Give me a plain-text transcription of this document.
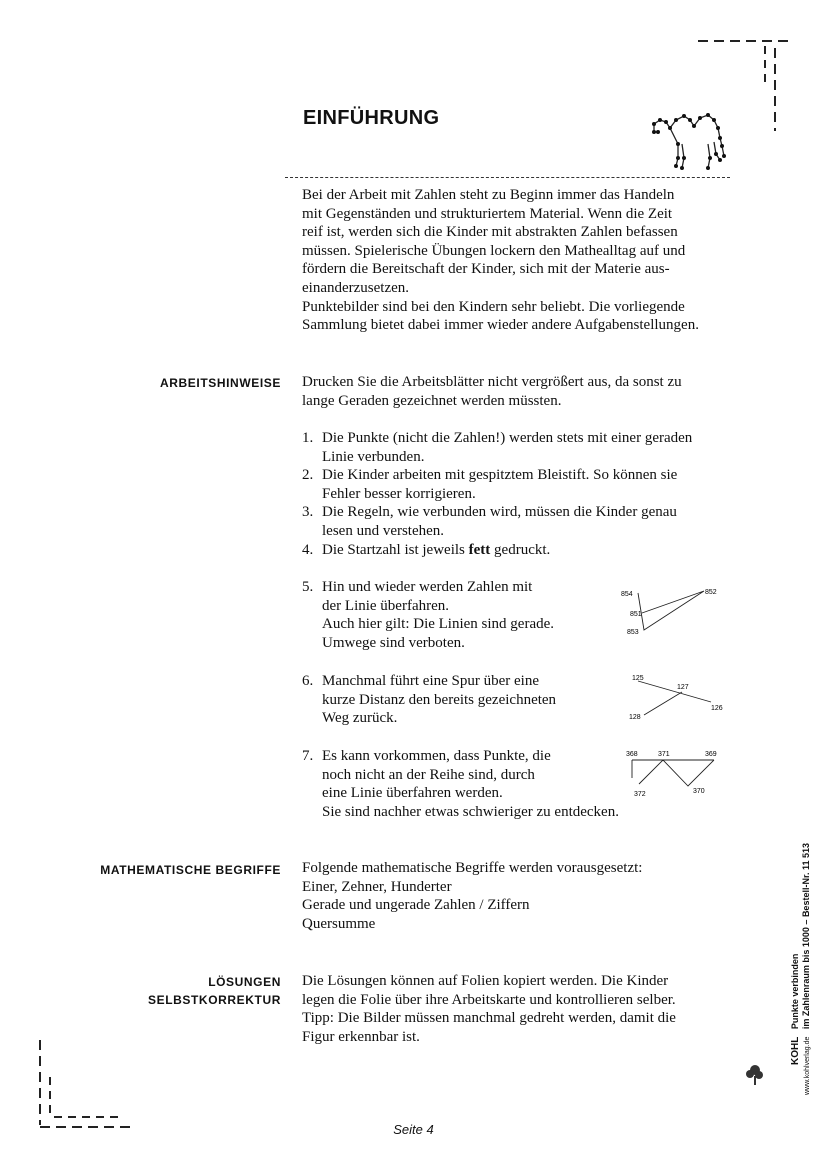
EINFÜHRUNG
Bei der Arbeit mit Zahlen steht zu Beginn immer das Handeln
mit Gegenständen und strukturiertem Material. Wenn die Zeit
reif ist, werden sich die Kinder mit abstrakten Zahlen befassen
müssen. Spielerische Übungen lockern den Mathealltag auf und
fördern die Bereitschaft der Kinder, sich mit der Materie aus-
einanderzusetzen.
Punktebilder sind bei den Kindern sehr beliebt. Die vorliegende
Sammlung bietet dabei immer wieder andere Aufgabenstellungen.
ARBEITSHINWEISE Drucken Sie die Arbeitsblätter nicht vergrößert aus, da sonst zu
lange Geraden gezeichnet werden müssten.
1. Die Punkte (nicht die Zahlen!) werden stets mit einer geraden
Linie verbunden.
2. Die Kinder arbeiten mit gespitztem Bleistift. So können sie
Fehler besser korrigieren.
3. Die Regeln, wie verbunden wird, müssen die Kinder genau
lesen und verstehen.
4. Die Startzahl ist jeweils fett gedruckt.
5. Hin und wieder werden Zahlen mit
der Linie überfahren.
Auch hier gilt: Die Linien sind gerade.
Umwege sind verboten.
6. Manchmal führt eine Spur über eine
kurze Distanz den bereits gezeichneten
Weg zurück.
7. Es kann vorkommen, dass Punkte, die
noch nicht an der Reihe sind, durch
eine Linie überfahren werden.
Sie sind nachher etwas schwieriger zu entdecken.
854	852
851
853
125
127
126
128
368	371	369
372	370
MATHEMATISCHE BEGRIFFE Folgende mathematische Begriffe werden vorausgesetzt:
Einer, Zehner, Hunderter
Gerade und ungerade Zahlen / Ziffern
Quersumme
LÖSUNGEN
SELBSTKORREKTUR
Die Lösungen können auf Folien kopiert werden. Die Kinder
legen die Folie über ihre Arbeitskarte und kontrollieren selber.
Tipp: Die Bilder müssen manchmal gedreht werden, damit die
Figur erkennbar ist.	KOHL   Punkte verbinden
www.kohlverlag.de   im Zahlenraum bis 1000 – Bestell-Nr. 11 513
Seite 4
